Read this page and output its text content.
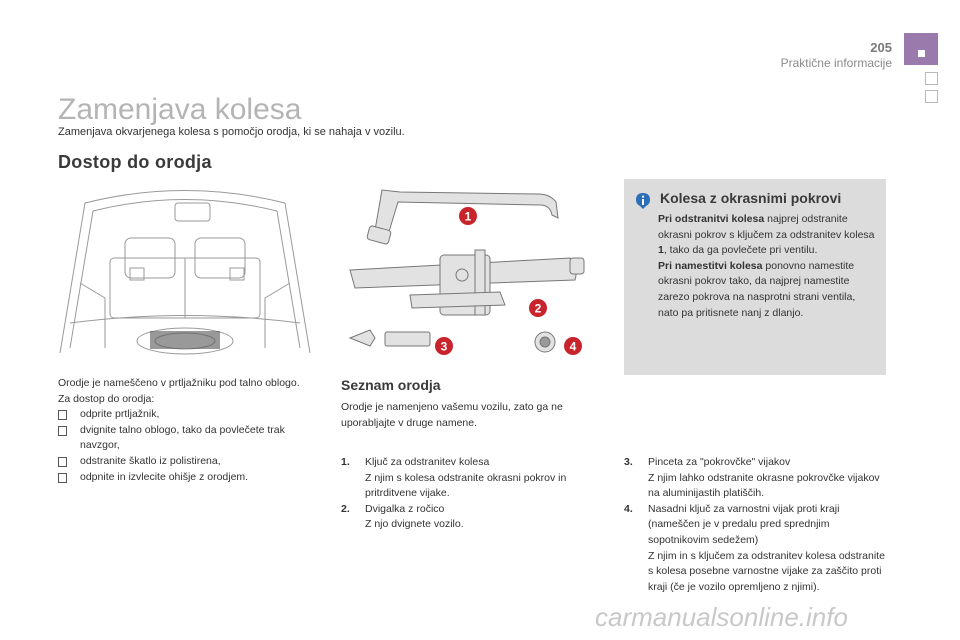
205
Praktične informacije
Zamenjava kolesa
Zamenjava okvarjenega kolesa s pomočjo orodja, ki se nahaja v vozilu.
Dostop do orodja
1
2
3	4
Kolesa z okrasnimi pokrovi
Pri odstranitvi kolesa najprej odstranite okrasni pokrov s ključem za odstranitev kolesa 1, tako da ga povlečete pri ventilu.
Pri namestitvi kolesa ponovno namestite okrasni pokrov tako, da najprej namestite zarezo pokrova na nasprotni strani ventila, nato pa pritisnete nanj z dlanjo.
Orodje je nameščeno v prtljažniku pod talno oblogo.
Za dostop do orodja:
odprite prtljažnik,
dvignite talno oblogo, tako da povlečete trak navzgor,
odstranite škatlo iz polistirena,
odpnite in izvlecite ohišje z orodjem.
Seznam orodja
Orodje je namenjeno vašemu vozilu, zato ga ne uporabljajte v druge namene.
1. Ključ za odstranitev kolesa
Z njim s kolesa odstranite okrasni pokrov in pritrditvene vijake.
2. Dvigalka z ročico
Z njo dvignete vozilo.
3. Pinceta za "pokrovčke" vijakov
Z njim lahko odstranite okrasne pokrovčke vijakov na aluminijastih platiščih.
4. Nasadni ključ za varnostni vijak proti kraji (nameščen je v predalu pred sprednjim sopotnikovim sedežem)
Z njim in s ključem za odstranitev kolesa odstranite s kolesa posebne varnostne vijake za zaščito proti kraji (če je vozilo opremljeno z njimi).
carmanualsonline.info
